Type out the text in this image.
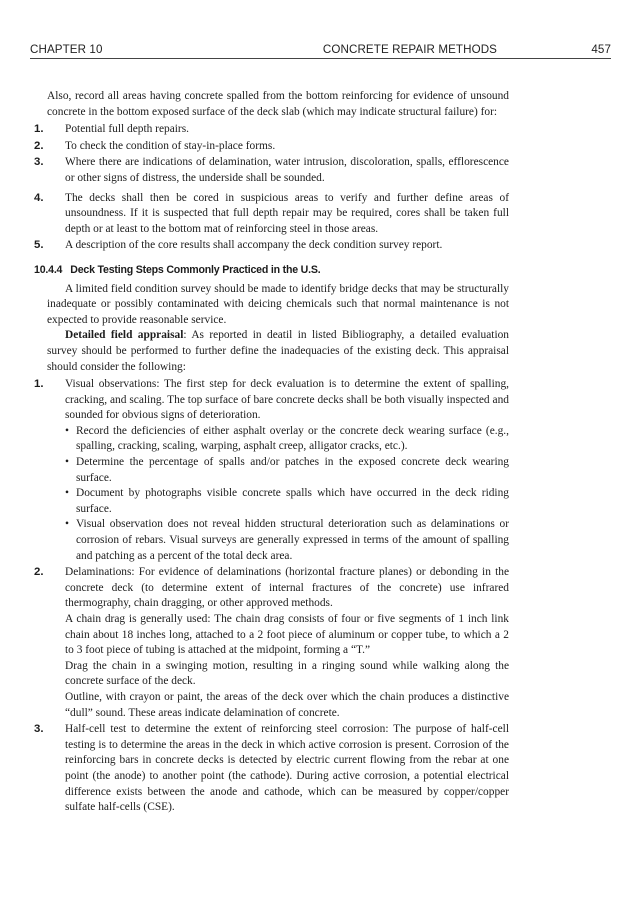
CHAPTER 10	CONCRETE REPAIR METHODS	457

Also, record all areas having concrete spalled from the bottom reinforcing for evidence of unsound concrete in the bottom exposed surface of the deck slab (which may indicate structural failure) for:

1.	Potential full depth repairs.
2.	To check the condition of stay-in-place forms.
3.	Where there are indications of delamination, water intrusion, discoloration, spalls, efflorescence or other signs of distress, the underside shall be sounded.
4.	The decks shall then be cored in suspicious areas to verify and further define areas of unsoundness. If it is suspected that full depth repair may be required, cores shall be taken full depth or at least to the bottom mat of reinforcing steel in those areas.
5.	A description of the core results shall accompany the deck condition survey report.
10.4.4 Deck Testing Steps Commonly Practiced in the U.S.

A limited field condition survey should be made to identify bridge decks that may be structurally inadequate or possibly contaminated with deicing chemicals such that normal maintenance is not expected to provide reasonable service.

Detailed field appraisal: As reported in deatil in listed Bibliography, a detailed evaluation survey should be performed to further define the inadequacies of the existing deck. This appraisal should consider the following:

1.	Visual observations: The first step for deck evaluation is to determine the extent of spalling, cracking, and scaling. The top surface of bare concrete decks shall be both visually inspected and sounded for obvious signs of deterioration.
• Record the deficiencies of either asphalt overlay or the concrete deck wearing surface (e.g., spalling, cracking, scaling, warping, asphalt creep, alligator cracks, etc.).
• Determine the percentage of spalls and/or patches in the exposed concrete deck wearing surface.
• Document by photographs visible concrete spalls which have occurred in the deck riding surface.
• Visual observation does not reveal hidden structural deterioration such as delaminations or corrosion of rebars. Visual surveys are generally expressed in terms of the amount of spalling and patching as a percent of the total deck area.
2.	Delaminations: For evidence of delaminations (horizontal fracture planes) or debonding in the concrete deck (to determine extent of internal fractures of the concrete) use infrared thermography, chain dragging, or other approved methods.

A chain drag is generally used: The chain drag consists of four or five segments of 1 inch link chain about 18 inches long, attached to a 2 foot piece of aluminum or copper tube, to which a 2 to 3 foot piece of tubing is attached at the midpoint, forming a “T.”

Drag the chain in a swinging motion, resulting in a ringing sound while walking along the concrete surface of the deck.

Outline, with crayon or paint, the areas of the deck over which the chain produces a distinctive “dull” sound. These areas indicate delamination of concrete.

3.	Half-cell test to determine the extent of reinforcing steel corrosion: The purpose of half-cell testing is to determine the areas in the deck in which active corrosion is present. Corrosion of the reinforcing bars in concrete decks is detected by electric current flowing from the rebar at one point (the anode) to another point (the cathode). During active corrosion, a potential electrical difference exists between the anode and cathode, which can be measured by copper/copper sulfate half-cells (CSE).
